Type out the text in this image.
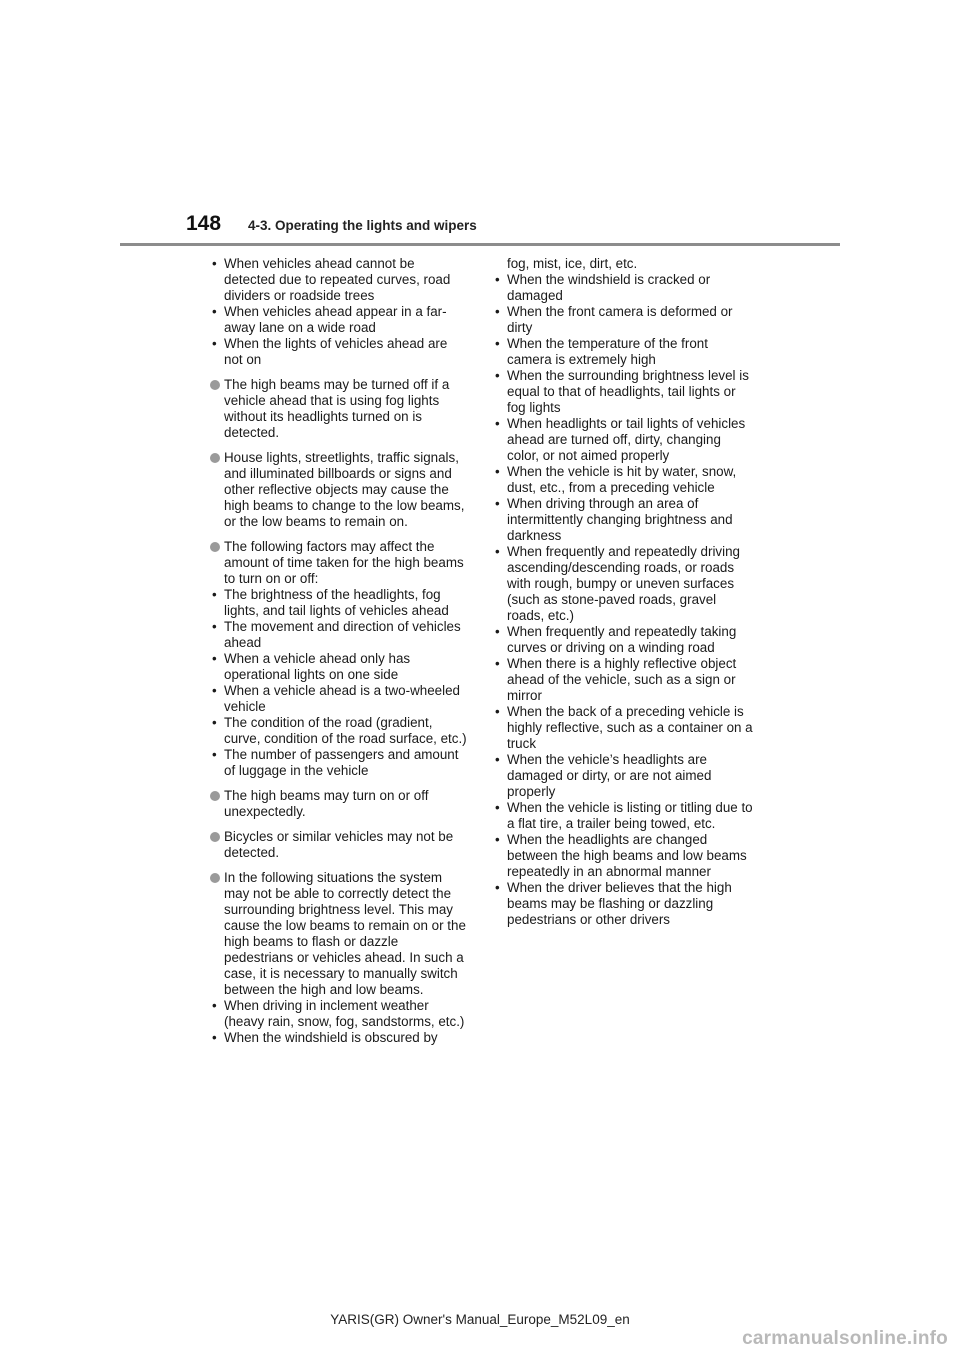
148 4-3. Operating the lights and wipers

• When vehicles ahead cannot be detected due to repeated curves, road dividers or roadside trees

• When vehicles ahead appear in a far-away lane on a wide road

• When the lights of vehicles ahead are not on

The high beams may be turned off if a vehicle ahead that is using fog lights without its headlights turned on is detected.
House lights, streetlights, traffic signals, and illuminated billboards or signs and other reflective objects may cause the high beams to change to the low beams, or the low beams to remain on.
The following factors may affect the amount of time taken for the high beams to turn on or off:

• The brightness of the headlights, fog lights, and tail lights of vehicles ahead

• The movement and direction of vehicles ahead

• When a vehicle ahead only has operational lights on one side

• When a vehicle ahead is a two-wheeled vehicle

• The condition of the road (gradient, curve, condition of the road surface, etc.)

• The number of passengers and amount of luggage in the vehicle

The high beams may turn on or off unexpectedly.
Bicycles or similar vehicles may not be detected.
In the following situations the system may not be able to correctly detect the surrounding brightness level. This may cause the low beams to remain on or the high beams to flash or dazzle pedestrians or vehicles ahead. In such a case, it is necessary to manually switch between the high and low beams.

• When driving in inclement weather (heavy rain, snow, fog, sandstorms, etc.)

• When the windshield is obscured by

fog, mist, ice, dirt, etc.

• When the windshield is cracked or damaged

• When the front camera is deformed or dirty

• When the temperature of the front camera is extremely high

• When the surrounding brightness level is equal to that of headlights, tail lights or fog lights

• When headlights or tail lights of vehicles ahead are turned off, dirty, changing color, or not aimed properly

• When the vehicle is hit by water, snow, dust, etc., from a preceding vehicle

• When driving through an area of intermittently changing brightness and darkness

• When frequently and repeatedly driving ascending/descending roads, or roads with rough, bumpy or uneven surfaces (such as stone-paved roads, gravel roads, etc.)

• When frequently and repeatedly taking curves or driving on a winding road

• When there is a highly reflective object ahead of the vehicle, such as a sign or mirror

• When the back of a preceding vehicle is highly reflective, such as a container on a truck

• When the vehicle’s headlights are damaged or dirty, or are not aimed properly

• When the vehicle is listing or titling due to a flat tire, a trailer being towed, etc.

• When the headlights are changed between the high beams and low beams repeatedly in an abnormal manner

• When the driver believes that the high beams may be flashing or dazzling pedestrians or other drivers

YARIS(GR) Owner's Manual_Europe_M52L09_en
carmanualsonline.info
